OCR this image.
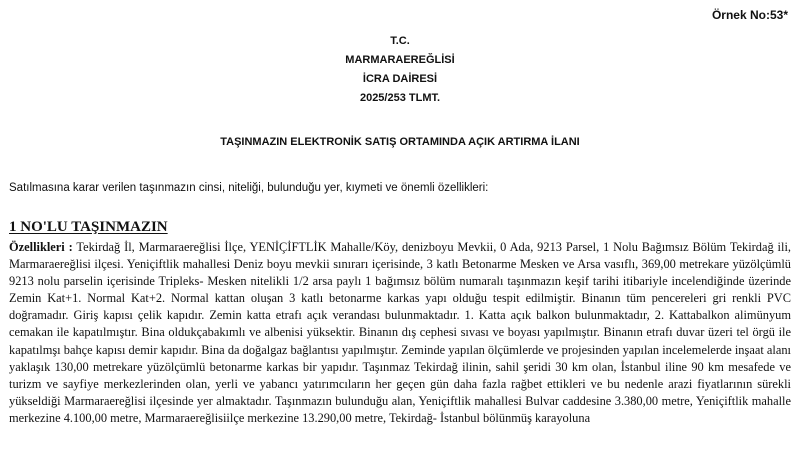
Örnek No:53*
T.C.
MARMARAEREĞLİSİ
İCRA DAİRESİ
2025/253 TLMT.
TAŞINMAZIN ELEKTRONİK SATIŞ ORTAMINDA AÇIK ARTIRMA İLANI
Satılmasına karar verilen taşınmazın cinsi, niteliği, bulunduğu yer, kıymeti ve önemli özellikleri:
1 NO'LU TAŞINMAZIN
Özellikleri : Tekirdağ İl, Marmaraereğlisi İlçe, YENİÇİFTLİK Mahalle/Köy, denizboyu Mevkii, 0 Ada, 9213 Parsel, 1 Nolu Bağımsız Bölüm Tekirdağ ili, Marmaraereğlisi ilçesi. Yeniçiftlik mahallesi Deniz boyu mevkii sınırarı içerisinde, 3 katlı Betonarme Mesken ve Arsa vasıflı, 369,00 metrekare yüzölçümlü 9213 nolu parselin içerisinde Tripleks- Mesken nitelikli 1/2 arsa paylı 1 bağımsız bölüm numaralı taşınmazın keşif tarihi itibariyle incelendiğinde üzerinde Zemin Kat+1. Normal Kat+2. Normal kattan oluşan 3 katlı betonarme karkas yapı olduğu tespit edilmiştir. Binanın tüm pencereleri gri renkli PVC doğramadır. Giriş kapısı çelik kapıdır. Zemin katta etrafı açık verandası bulunmaktadır. 1. Katta açık balkon bulunmaktadır, 2. Kattabalkon alimünyum cemakan ile kapatılmıştır. Bina oldukçabakımlı ve albenisi yüksektir. Binanın dış cephesi sıvası ve boyası yapılmıştır. Binanın etrafı duvar üzeri tel örgü ile kapatılmşı bahçe kapısı demir kapıdır. Bina da doğalgaz bağlantısı yapılmıştır. Zeminde yapılan ölçümlerde ve projesinden yapılan incelemelerde inşaat alanı yaklaşık 130,00 metrekare yüzölçümlü betonarme karkas bir yapıdır. Taşınmaz Tekirdağ ilinin, sahil şeridi 30 km olan, İstanbul iline 90 km mesafede ve turizm ve sayfiye merkezlerinden olan, yerli ve yabancı yatırımcıların her geçen gün daha fazla rağbet ettikleri ve bu nedenle arazi fiyatlarının sürekli yükseldiği Marmaraereğlisi ilçesinde yer almaktadır. Taşınmazın bulunduğu alan, Yeniçiftlik mahallesi Bulvar caddesine 3.380,00 metre, Yeniçiftlik mahalle merkezine 4.100,00 metre, Marmaraereğlisiilçe merkezine 13.290,00 metre, Tekirdağ- İstanbul bölünmüş karayoluna
